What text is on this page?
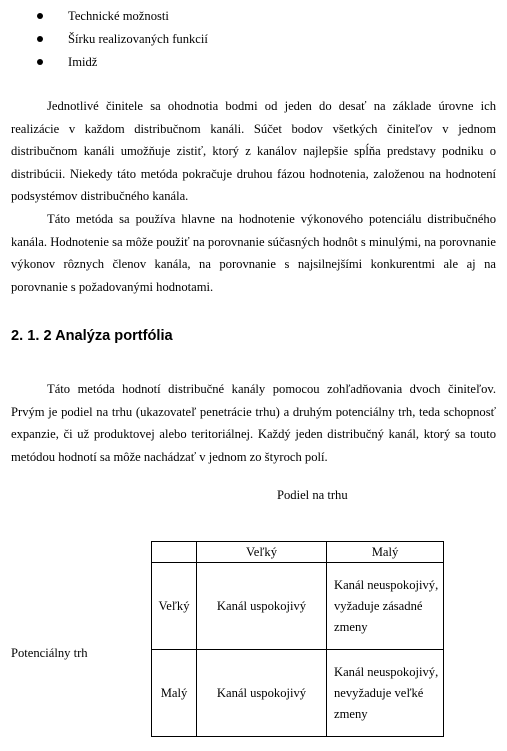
Technické možnosti
Šírku realizovaných funkcií
Imidž

Jednotlivé činitele sa ohodnotia bodmi od jeden do desať na základe úrovne ich realizácie v každom distribučnom kanáli. Súčet bodov všetkých činiteľov v jednom distribučnom kanáli umožňuje zistiť, ktorý z kanálov najlepšie spĺňa predstavy podniku o distribúcii. Niekedy táto metóda pokračuje druhou fázou hodnotenia, založenou na hodnotení podsystémov distribučného kanála.

Táto metóda sa používa hlavne na hodnotenie výkonového potenciálu distribučného kanála. Hodnotenie sa môže použiť na porovnanie súčasných hodnôt s minulými, na porovnanie výkonov rôznych členov kanála, na porovnanie s najsilnejšími konkurentmi ale aj na porovnanie s požadovanými hodnotami.

2. 1. 2 Analýza portfólia

Táto metóda hodnotí distribučné kanály pomocou zohľadňovania dvoch činiteľov. Prvým je podiel na trhu (ukazovateľ penetrácie trhu) a druhým potenciálny trh, teda schopnosť expanzie, či už produktovej alebo teritoriálnej. Každý jeden distribučný kanál, ktorý sa touto metódou hodnotí sa môže nachádzať v jednom zo štyroch polí.

Podiel na trhu

Potenciálny trh

	Veľký	Malý
Veľký	Kanál uspokojivý	Kanál neuspokojivý, vyžaduje zásadné zmeny
Malý	Kanál uspokojivý	Kanál neuspokojivý, nevyžaduje veľké zmeny
